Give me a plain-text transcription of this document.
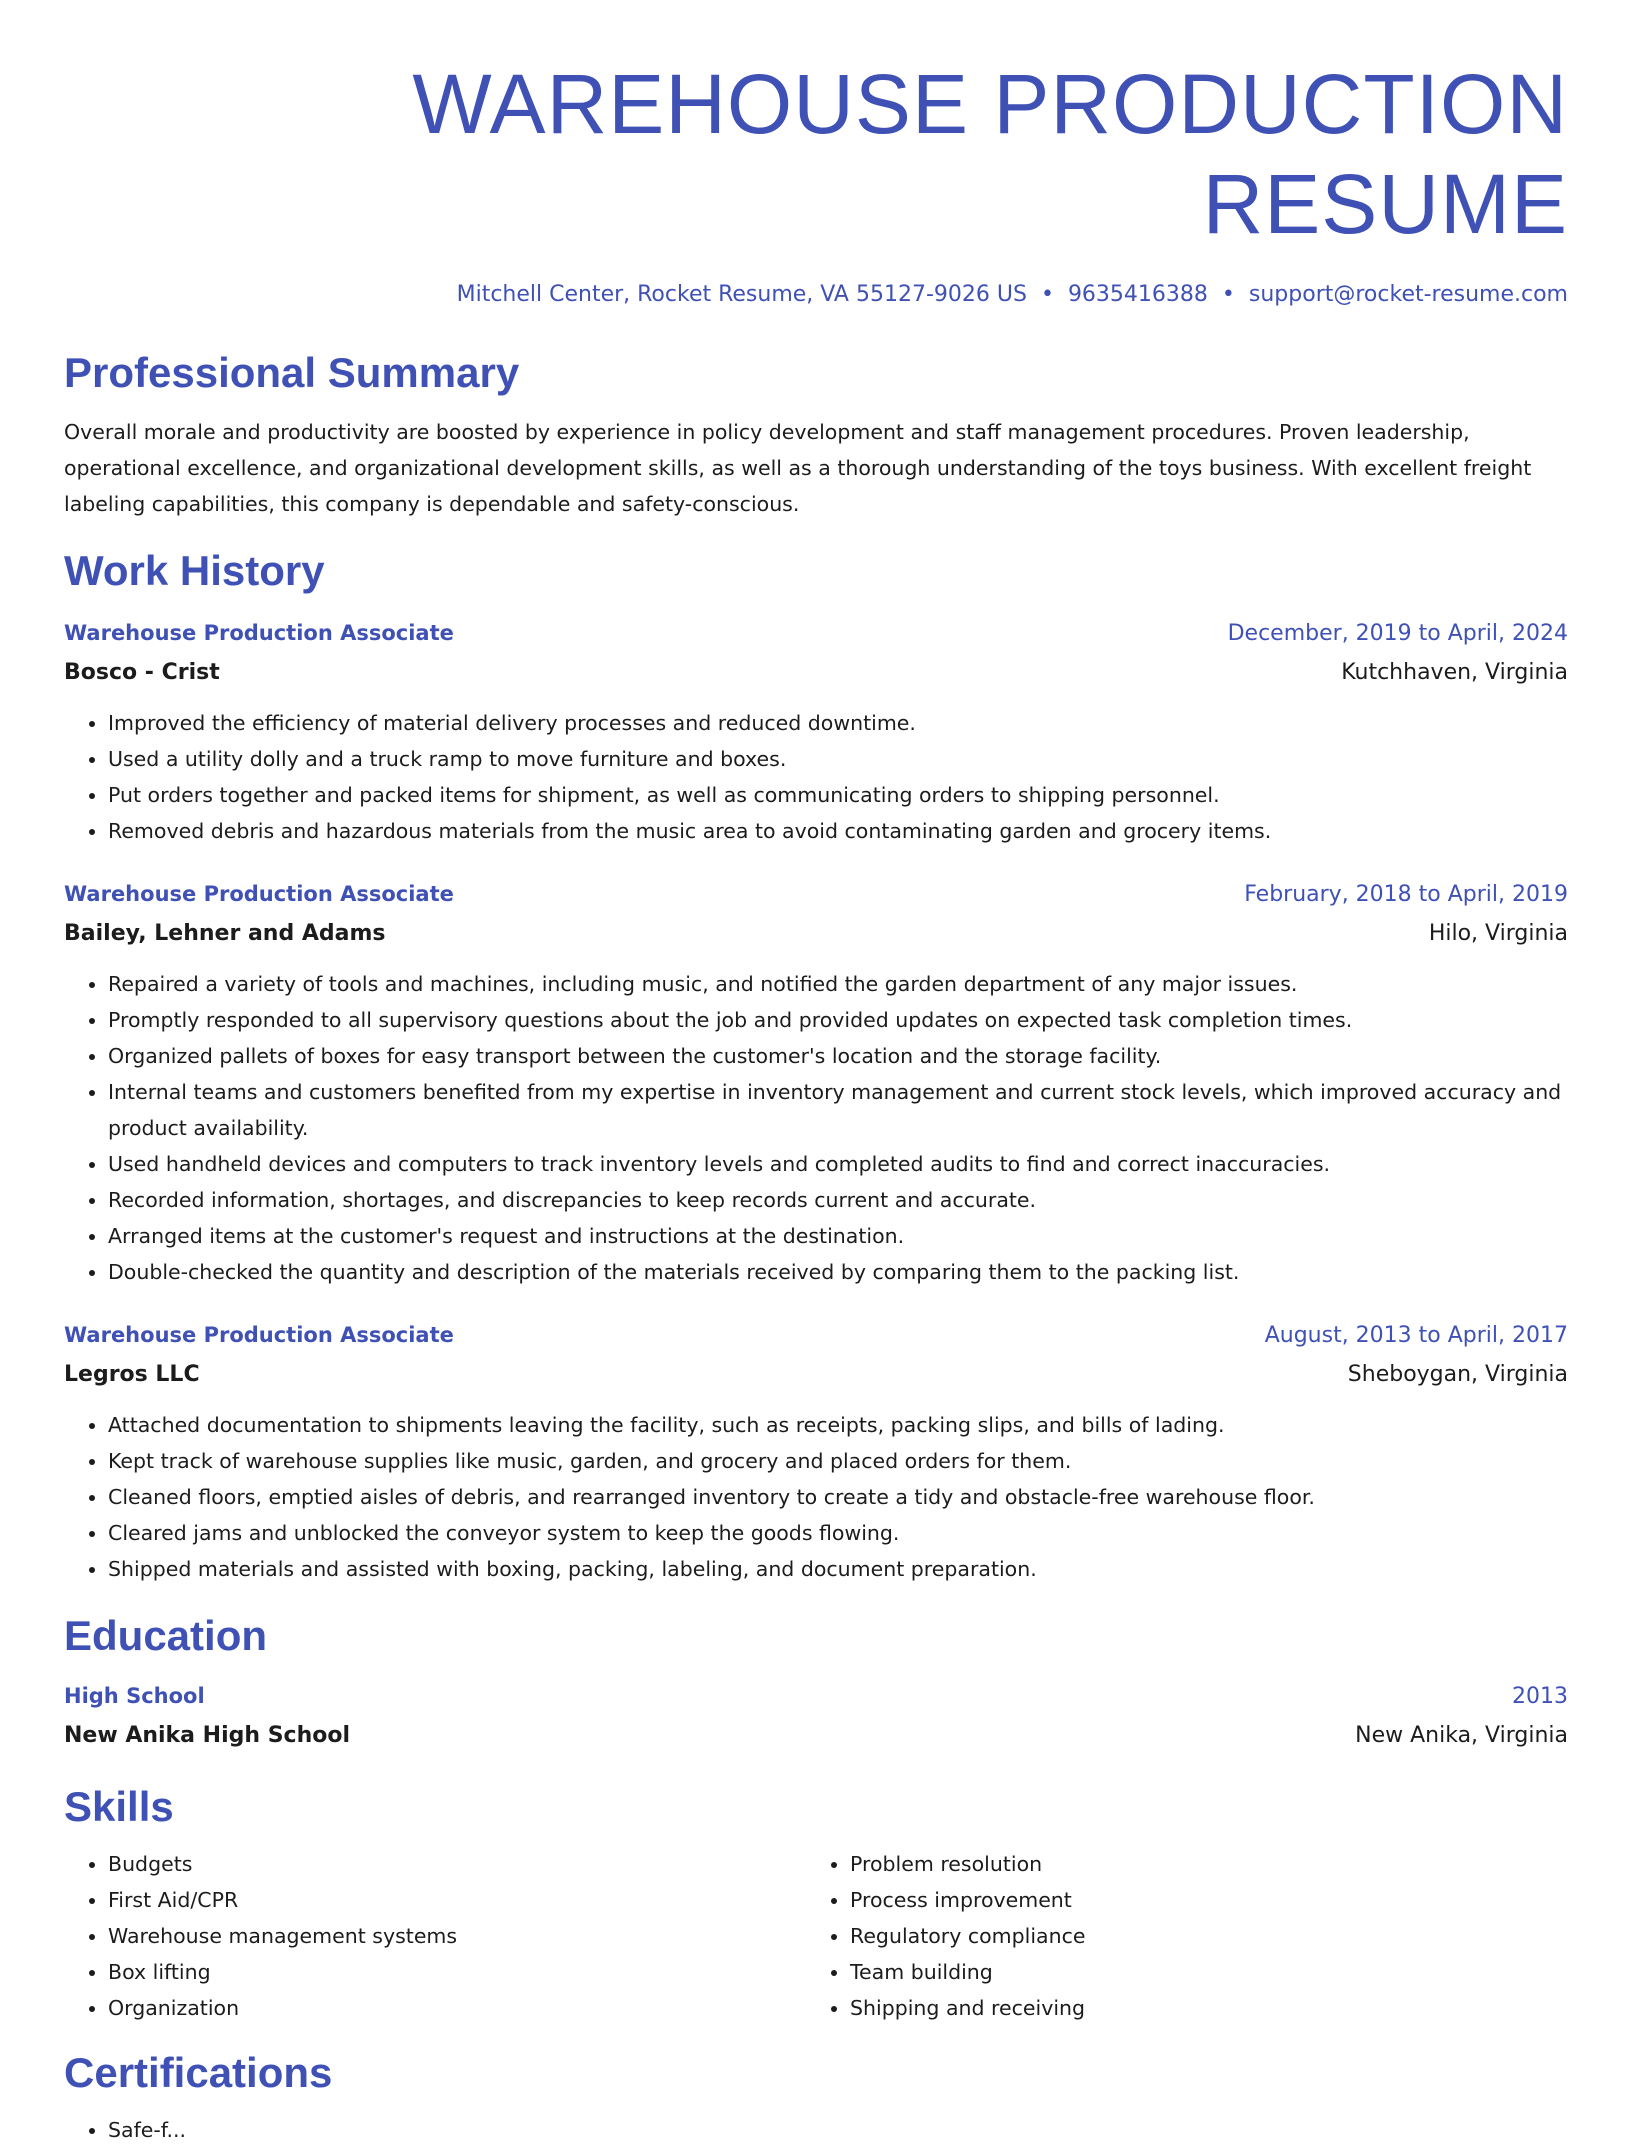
WAREHOUSE PRODUCTION RESUME
Mitchell Center, Rocket Resume, VA 55127-9026 US • 9635416388 • support@rocket-resume.com
Professional Summary
Overall morale and productivity are boosted by experience in policy development and staff management procedures. Proven leadership, operational excellence, and organizational development skills, as well as a thorough understanding of the toys business. With excellent freight labeling capabilities, this company is dependable and safety-conscious.
Work History
Warehouse Production Associate	December, 2019 to April, 2024
Bosco - Crist	Kutchhaven, Virginia
• Improved the efficiency of material delivery processes and reduced downtime.
• Used a utility dolly and a truck ramp to move furniture and boxes.
• Put orders together and packed items for shipment, as well as communicating orders to shipping personnel.
• Removed debris and hazardous materials from the music area to avoid contaminating garden and grocery items.
Warehouse Production Associate	February, 2018 to April, 2019
Bailey, Lehner and Adams	Hilo, Virginia
• Repaired a variety of tools and machines, including music, and notified the garden department of any major issues.
• Promptly responded to all supervisory questions about the job and provided updates on expected task completion times.
• Organized pallets of boxes for easy transport between the customer's location and the storage facility.
• Internal teams and customers benefited from my expertise in inventory management and current stock levels, which improved accuracy and product availability.
• Used handheld devices and computers to track inventory levels and completed audits to find and correct inaccuracies.
• Recorded information, shortages, and discrepancies to keep records current and accurate.
• Arranged items at the customer's request and instructions at the destination.
• Double-checked the quantity and description of the materials received by comparing them to the packing list.
Warehouse Production Associate	August, 2013 to April, 2017
Legros LLC	Sheboygan, Virginia
• Attached documentation to shipments leaving the facility, such as receipts, packing slips, and bills of lading.
• Kept track of warehouse supplies like music, garden, and grocery and placed orders for them.
• Cleaned floors, emptied aisles of debris, and rearranged inventory to create a tidy and obstacle-free warehouse floor.
• Cleared jams and unblocked the conveyor system to keep the goods flowing.
• Shipped materials and assisted with boxing, packing, labeling, and document preparation.
Education
High School	2013
New Anika High School	New Anika, Virginia
Skills
• Budgets
• First Aid/CPR
• Warehouse management systems
• Box lifting
• Organization
• Problem resolution
• Process improvement
• Regulatory compliance
• Team building
• Shipping and receiving
Certifications
• Safe-f...
